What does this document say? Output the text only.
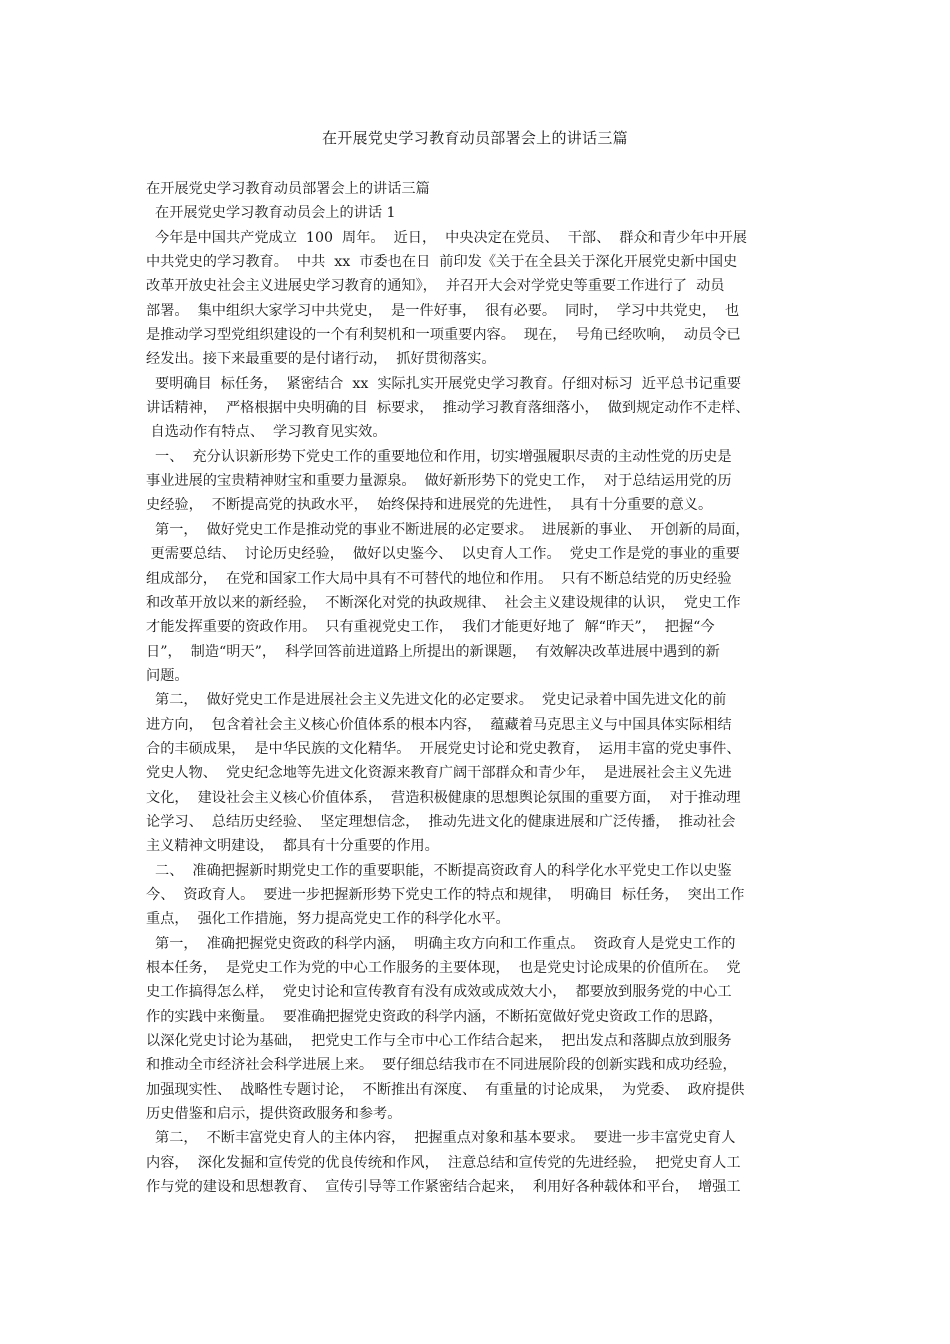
在开展党史学习教育动员部署会上的讲话三篇
在开展党史学习教育动员部署会上的讲话三篇
在开展党史学习教育动员会上的讲话 1
今年是中国共产党成立  100  周年。  近日，  中央决定在党员、  干部、  群众和青少年中开展
中共党史的学习教育。  中共  xx  市委也在日  前印发《关于在全县关于深化开展党史新中国史
改革开放史社会主义进展史学习教育的通知》，  并召开大会对学党史等重要工作进行了  动员
部署。  集中组织大家学习中共党史，  是一件好事，  很有必要。  同时，  学习中共党史，  也
是推动学习型党组织建设的一个有利契机和一项重要内容。  现在，  号角已经吹响，  动员令已
经发出。接下来最重要的是付诸行动，  抓好贯彻落实。
要明确目  标任务，  紧密结合  xx  实际扎实开展党史学习教育。仔细对标习  近平总书记重要
讲话精神，  严格根据中央明确的目  标要求，  推动学习教育落细落小，  做到规定动作不走样、
自选动作有特点、  学习教育见实效。
一、  充分认识新形势下党史工作的重要地位和作用，切实增强履职尽责的主动性党的历史是
事业进展的宝贵精神财宝和重要力量源泉。  做好新形势下的党史工作，  对于总结运用党的历
史经验，  不断提高党的执政水平，  始终保持和进展党的先进性，  具有十分重要的意义。
第一，  做好党史工作是推动党的事业不断进展的必定要求。  进展新的事业、  开创新的局面，
更需要总结、  讨论历史经验，  做好以史鉴今、  以史育人工作。  党史工作是党的事业的重要
组成部分，  在党和国家工作大局中具有不可替代的地位和作用。  只有不断总结党的历史经验
和改革开放以来的新经验，  不断深化对党的执政规律、  社会主义建设规律的认识，  党史工作
才能发挥重要的资政作用。  只有重视党史工作，  我们才能更好地了  解“昨天”，  把握“今
日”，  制造“明天”，  科学回答前进道路上所提出的新课题，  有效解决改革进展中遇到的新
问题。
第二，  做好党史工作是进展社会主义先进文化的必定要求。  党史记录着中国先进文化的前
进方向，  包含着社会主义核心价值体系的根本内容，  蕴藏着马克思主义与中国具体实际相结
合的丰硕成果，  是中华民族的文化精华。  开展党史讨论和党史教育，  运用丰富的党史事件、
党史人物、  党史纪念地等先进文化资源来教育广阔干部群众和青少年，  是进展社会主义先进
文化，  建设社会主义核心价值体系，  营造积极健康的思想舆论氛围的重要方面，  对于推动理
论学习、  总结历史经验、  坚定理想信念，  推动先进文化的健康进展和广泛传播，  推动社会
主义精神文明建设，  都具有十分重要的作用。
二、  准确把握新时期党史工作的重要职能，不断提高资政育人的科学化水平党史工作以史鉴
今、  资政育人。  要进一步把握新形势下党史工作的特点和规律，  明确目  标任务，  突出工作
重点，  强化工作措施，努力提高党史工作的科学化水平。
第一，  准确把握党史资政的科学内涵，  明确主攻方向和工作重点。  资政育人是党史工作的
根本任务，  是党史工作为党的中心工作服务的主要体现，  也是党史讨论成果的价值所在。  党
史工作搞得怎么样，  党史讨论和宣传教育有没有成效或成效大小，  都要放到服务党的中心工
作的实践中来衡量。  要准确把握党史资政的科学内涵，不断拓宽做好党史资政工作的思路，
以深化党史讨论为基础，  把党史工作与全市中心工作结合起来，  把出发点和落脚点放到服务
和推动全市经济社会科学进展上来。  要仔细总结我市在不同进展阶段的创新实践和成功经验，
加强现实性、  战略性专题讨论，  不断推出有深度、  有重量的讨论成果，  为党委、  政府提供
历史借鉴和启示，提供资政服务和参考。
第二，  不断丰富党史育人的主体内容，  把握重点对象和基本要求。  要进一步丰富党史育人
内容，  深化发掘和宣传党的优良传统和作风，  注意总结和宣传党的先进经验，  把党史育人工
作与党的建设和思想教育、  宣传引导等工作紧密结合起来，  利用好各种载体和平台，  增强工
